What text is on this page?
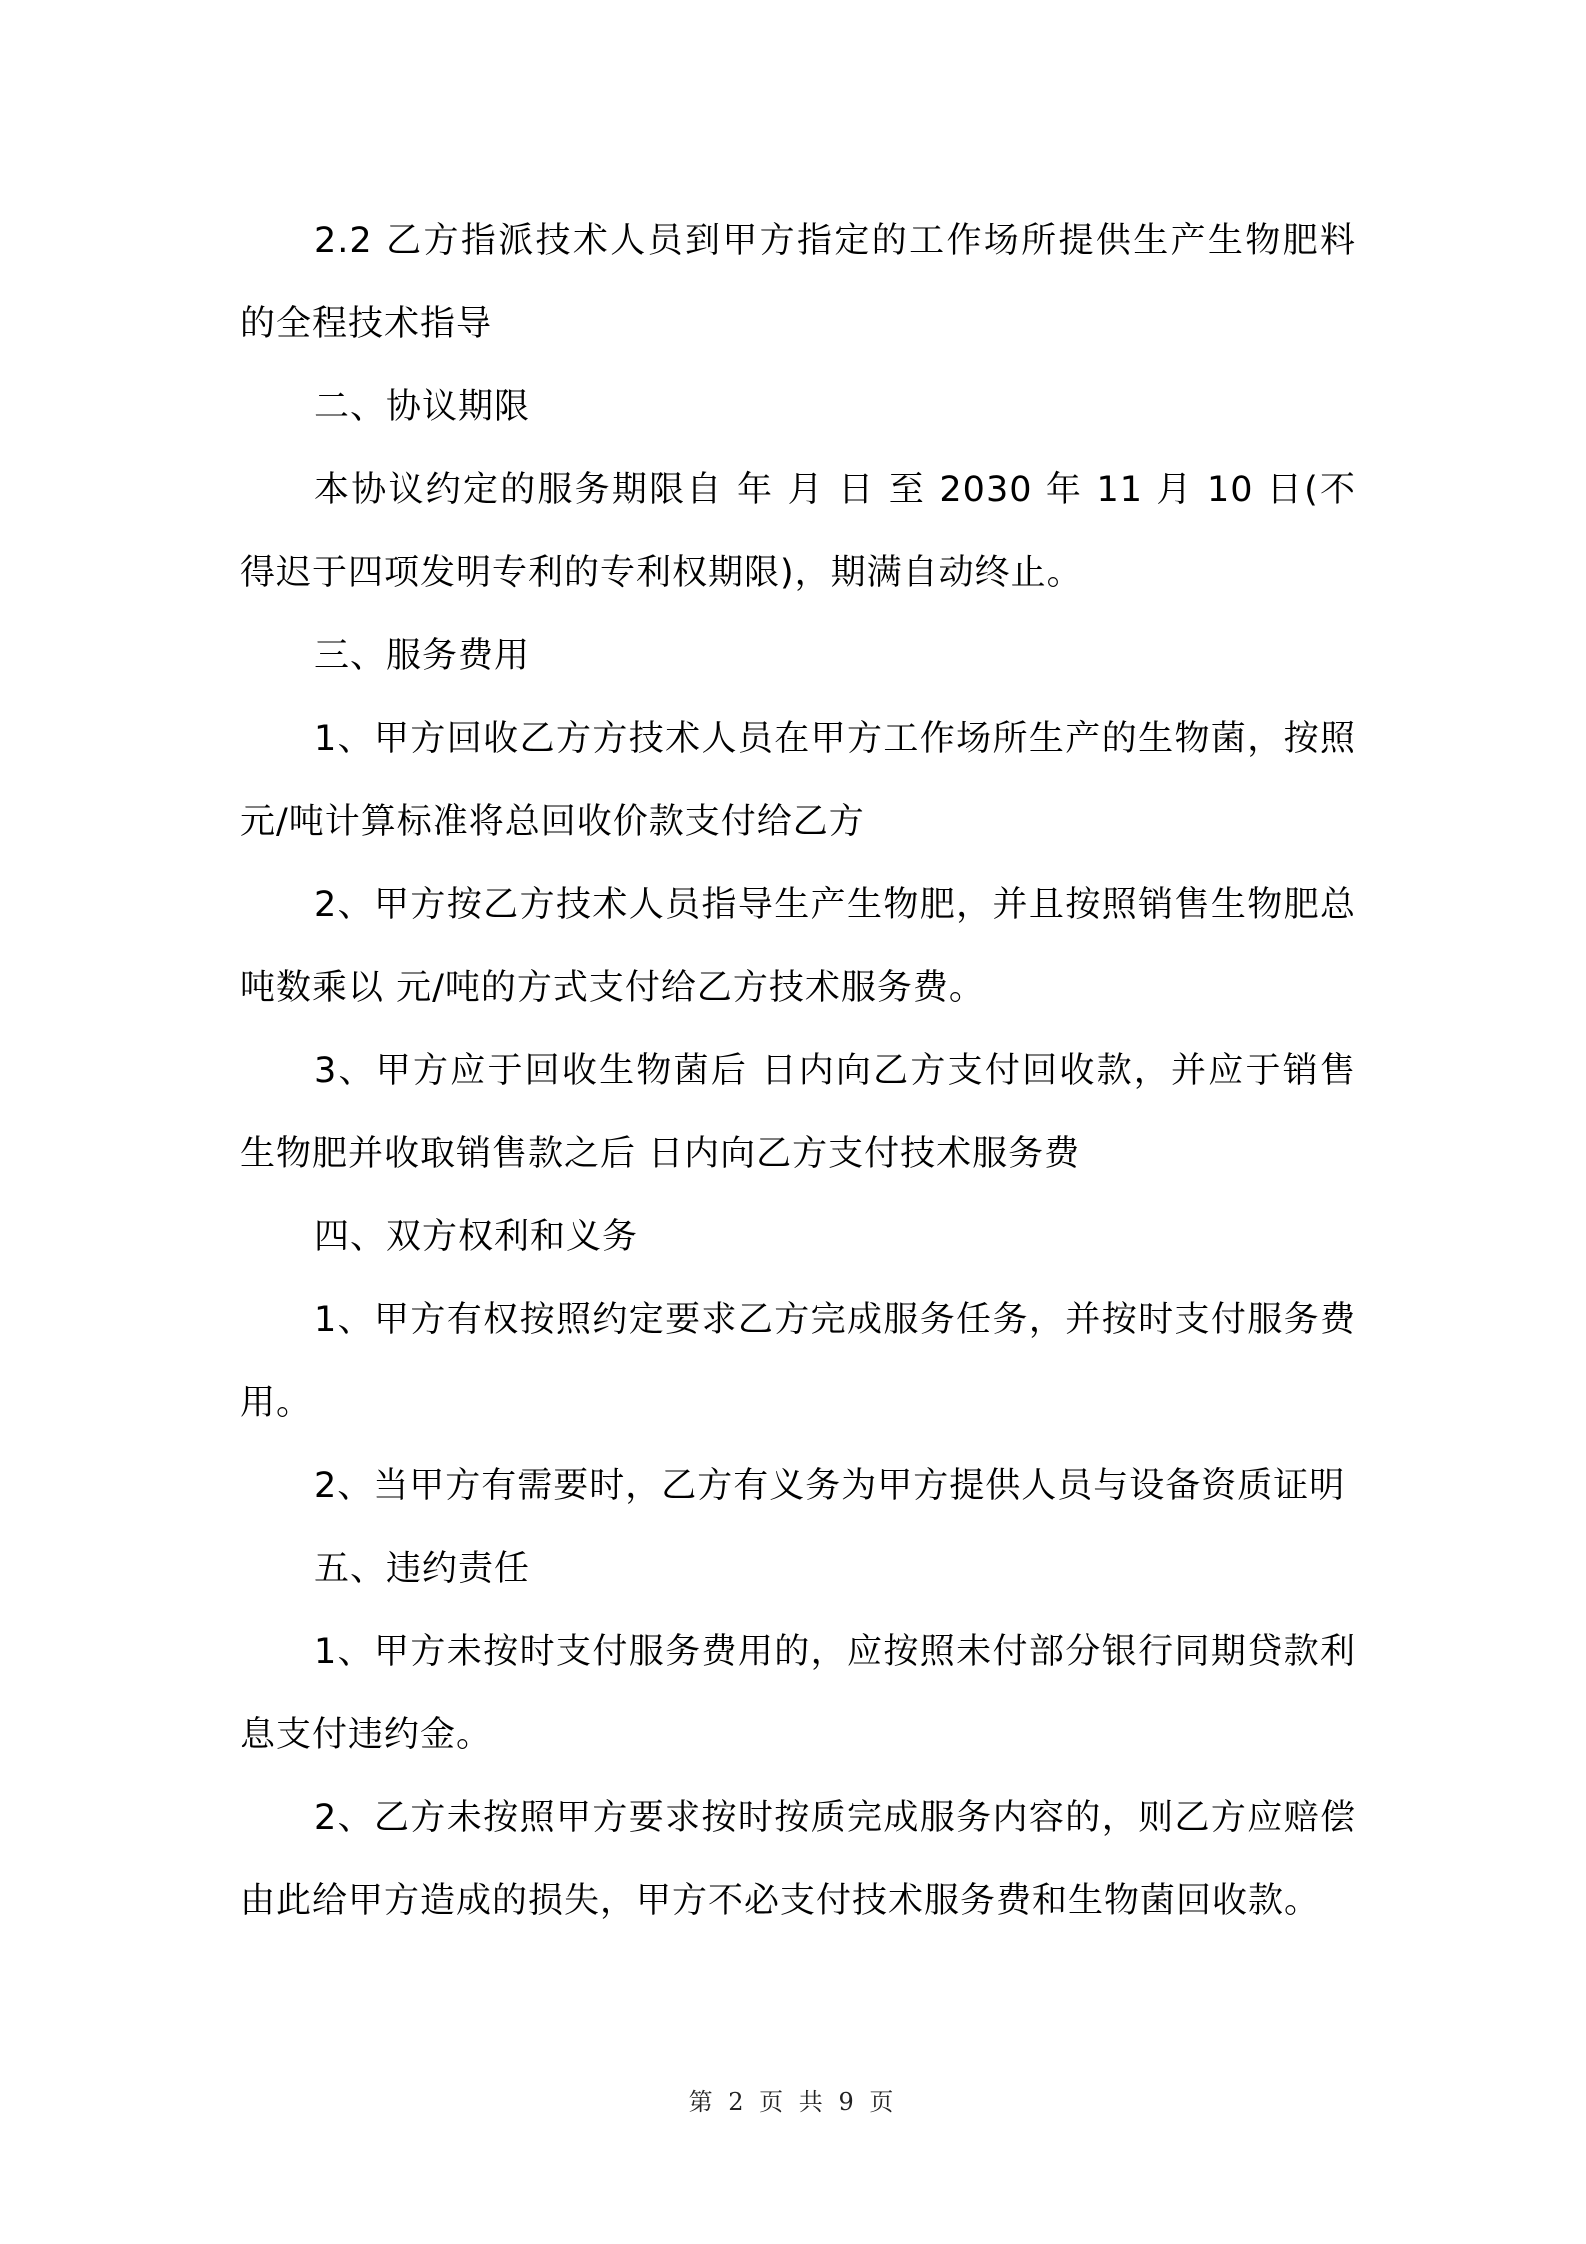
2.2 乙方指派技术人员到甲方指定的工作场所提供生产生物肥料的全程技术指导

二、协议期限

本协议约定的服务期限自 年 月 日 至 2030 年 11 月 10 日(不得迟于四项发明专利的专利权期限)，期满自动终止。

三、服务费用

1、甲方回收乙方方技术人员在甲方工作场所生产的生物菌，按照 元/吨计算标准将总回收价款支付给乙方

2、甲方按乙方技术人员指导生产生物肥，并且按照销售生物肥总吨数乘以 元/吨的方式支付给乙方技术服务费。

3、甲方应于回收生物菌后 日内向乙方支付回收款，并应于销售生物肥并收取销售款之后 日内向乙方支付技术服务费

四、双方权利和义务

1、甲方有权按照约定要求乙方完成服务任务，并按时支付服务费用。

2、当甲方有需要时，乙方有义务为甲方提供人员与设备资质证明

五、违约责任

1、甲方未按时支付服务费用的，应按照未付部分银行同期贷款利息支付违约金。

2、乙方未按照甲方要求按时按质完成服务内容的，则乙方应赔偿由此给甲方造成的损失，甲方不必支付技术服务费和生物菌回收款。

第 2 页 共 9 页
